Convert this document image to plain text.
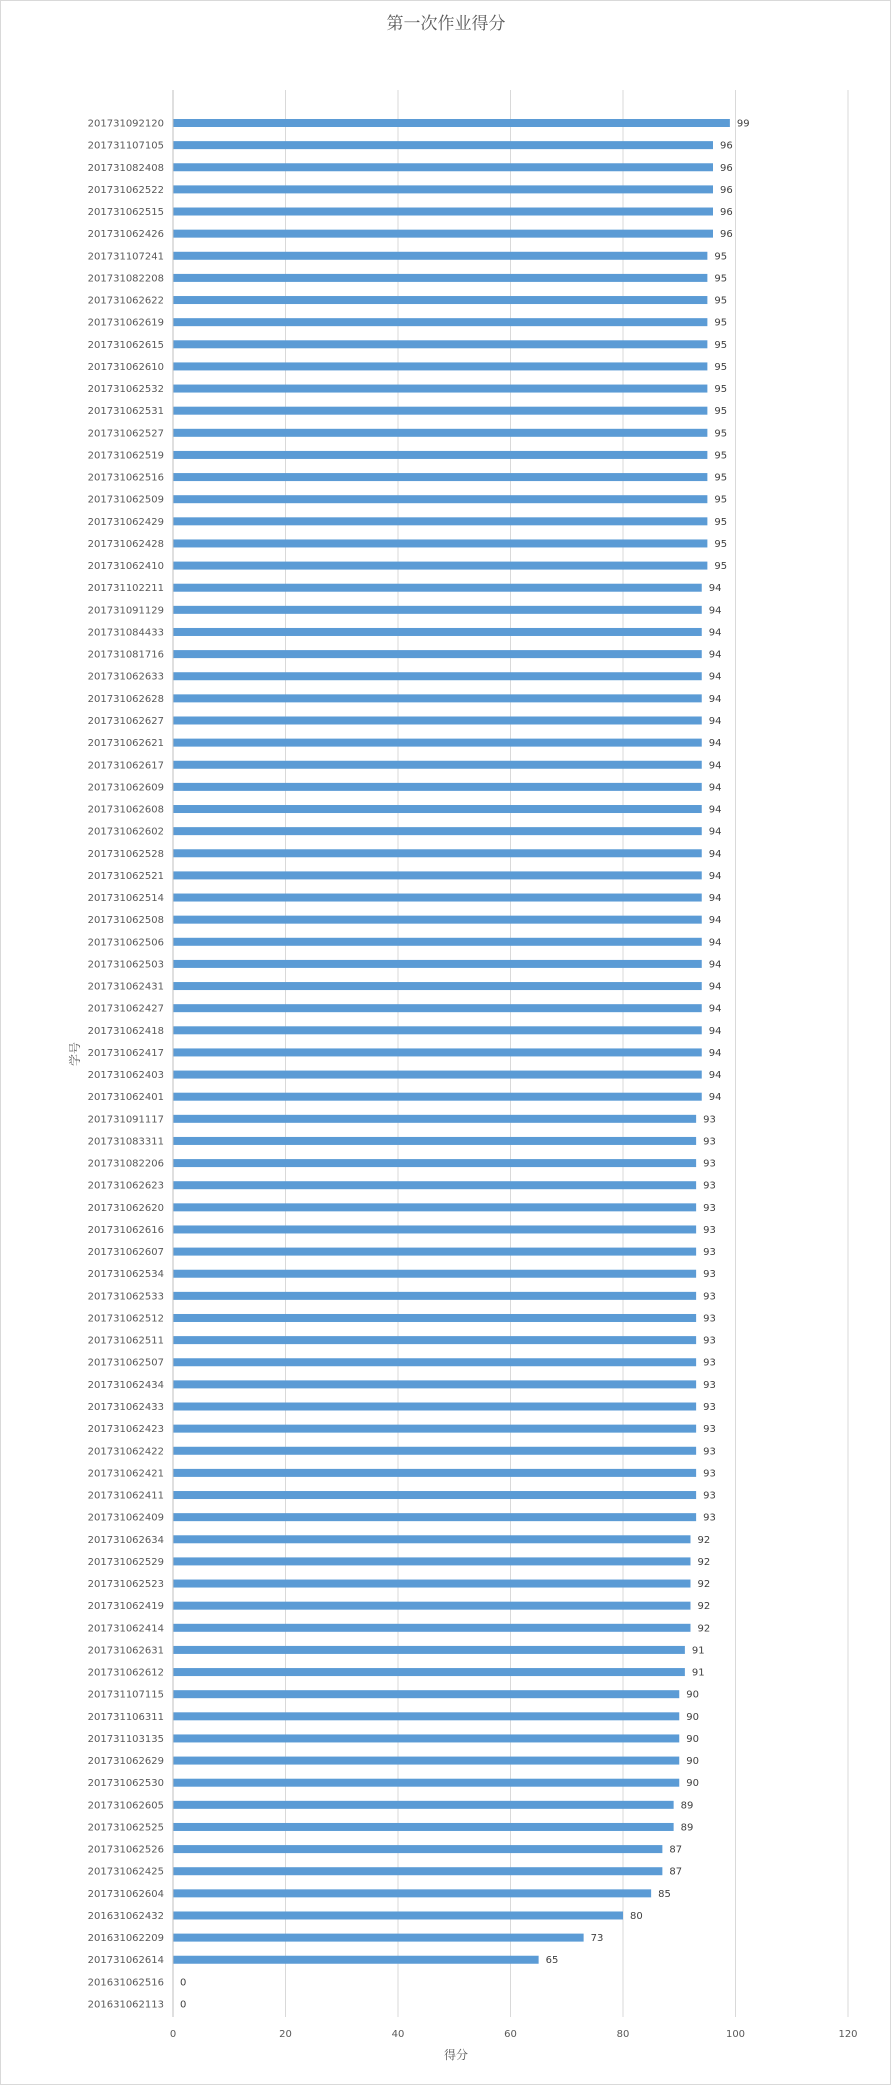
第一次作业得分
201731092120
201731107105
201731082408
201731062522
201731062515
201731062426
201731107241
201731082208
201731062622
201731062619
201731062615
201731062610
201731062532
201731062531
201731062527
201731062519
201731062516
201731062509
201731062429
201731062428
201731062410
201731102211
201731091129
201731084433
201731081716
201731062633
201731062628
201731062627
201731062621
201731062617
201731062609
201731062608
201731062602
201731062528
201731062521
201731062514
201731062508
201731062506
201731062503
201731062431
201731062427
201731062418
201731062417
201731062403
201731062401
201731091117
201731083311
201731082206
201731062623
201731062620
201731062616
201731062607
201731062534
201731062533
201731062512
201731062511
201731062507
201731062434
201731062433
201731062423
201731062422
201731062421
201731062411
201731062409
201731062634
201731062529
201731062523
201731062419
201731062414
201731062631
201731062612
201731107115
201731106311
201731103135
201731062629
201731062530
201731062605
201731062525
201731062526
201731062425
201731062604
201631062432
201631062209
201731062614
201631062516
201631062113
99
96
96
96
96
96
95
95
95
95
95
95
95
95
95
95
95
95
95
95
95
94
94
94
94
94
94
94
94
94
94
94
94
94
94
94
94
94
94
94
94
94
94
94
94
93
93
93
93
93
93
93
93
93
93
93
93
93
93
93
93
93
93
93
92
92
92
92
92
91
91
90
90
90
90
90
89
89
87
87
85
80
73
65
0
0
0	20	40	60	80	100	120
得分
学号
